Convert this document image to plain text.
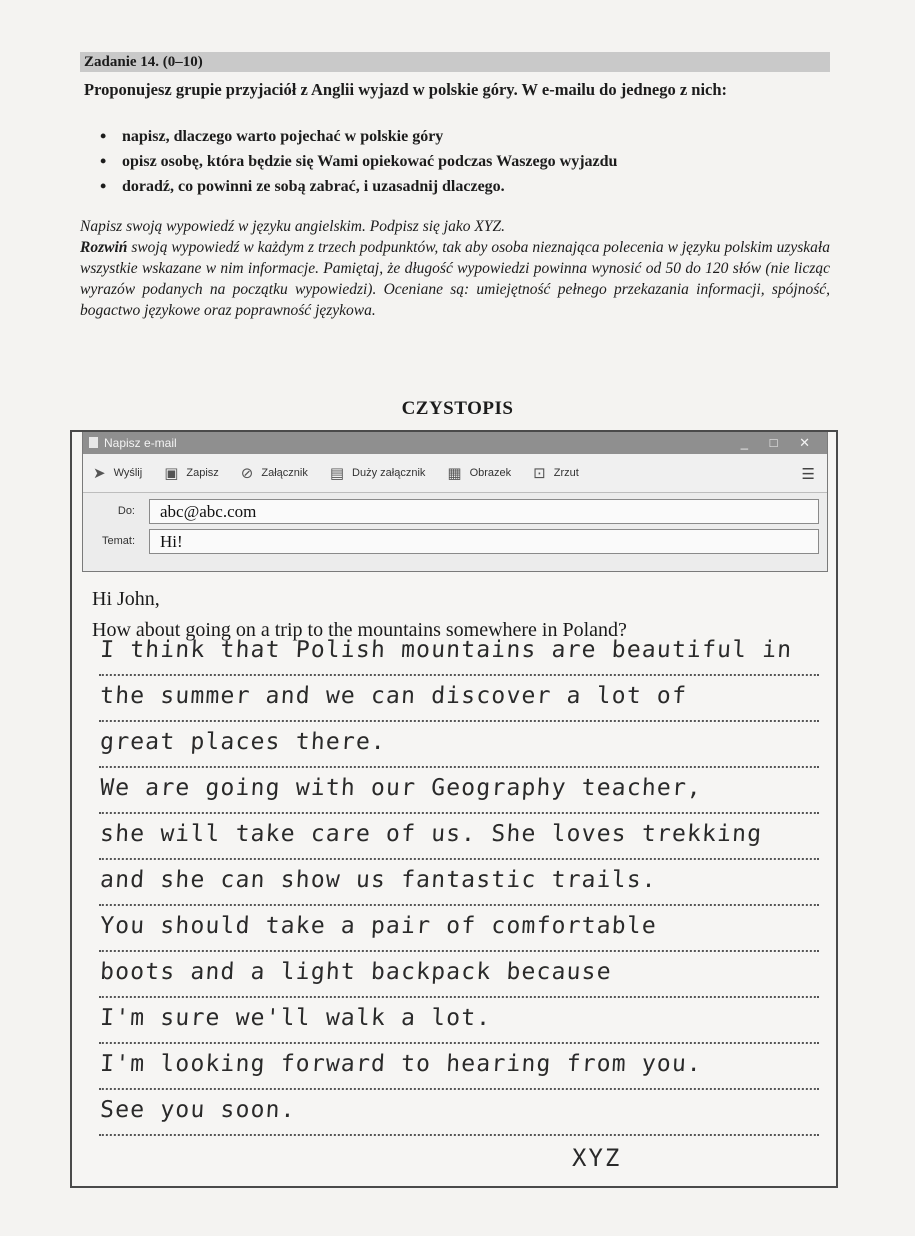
Zadanie 14. (0–10)
Proponujesz grupie przyjaciół z Anglii wyjazd w polskie góry. W e-mailu do jednego z nich:
• napisz, dlaczego warto pojechać w polskie góry
• opisz osobę, która będzie się Wami opiekować podczas Waszego wyjazdu
• doradź, co powinni ze sobą zabrać, i uzasadnij dlaczego.
Napisz swoją wypowiedź w języku angielskim. Podpisz się jako XYZ.
Rozwiń swoją wypowiedź w każdym z trzech podpunktów, tak aby osoba nieznająca polecenia w języku polskim uzyskała wszystkie wskazane w nim informacje. Pamiętaj, że długość wypowiedzi powinna wynosić od 50 do 120 słów (nie licząc wyrazów podanych na początku wypowiedzi). Oceniane są: umiejętność pełnego przekazania informacji, spójność, bogactwo językowe oraz poprawność językowa.
CZYSTOPIS
Napisz e-mail	_ □ ✕
➤ Wyślij ▣ Zapisz ⊘ Załącznik ▤ Duży załącznik ▦ Obrazek ⊡ Zrzut	☰
Do:	abc@abc.com
Temat:	Hi!
Hi John,
How about going on a trip to the mountains somewhere in Poland?
I think that Polish mountains are beautiful in
the summer and we can discover a lot of
great places there.
We are going with our Geography teacher,
she will take care of us. She loves trekking
and she can show us fantastic trails.
You should take a pair of comfortable
boots and a light backpack because
I'm sure we'll walk a lot.
I'm looking forward to hearing from you.
See you soon.
XYZ
